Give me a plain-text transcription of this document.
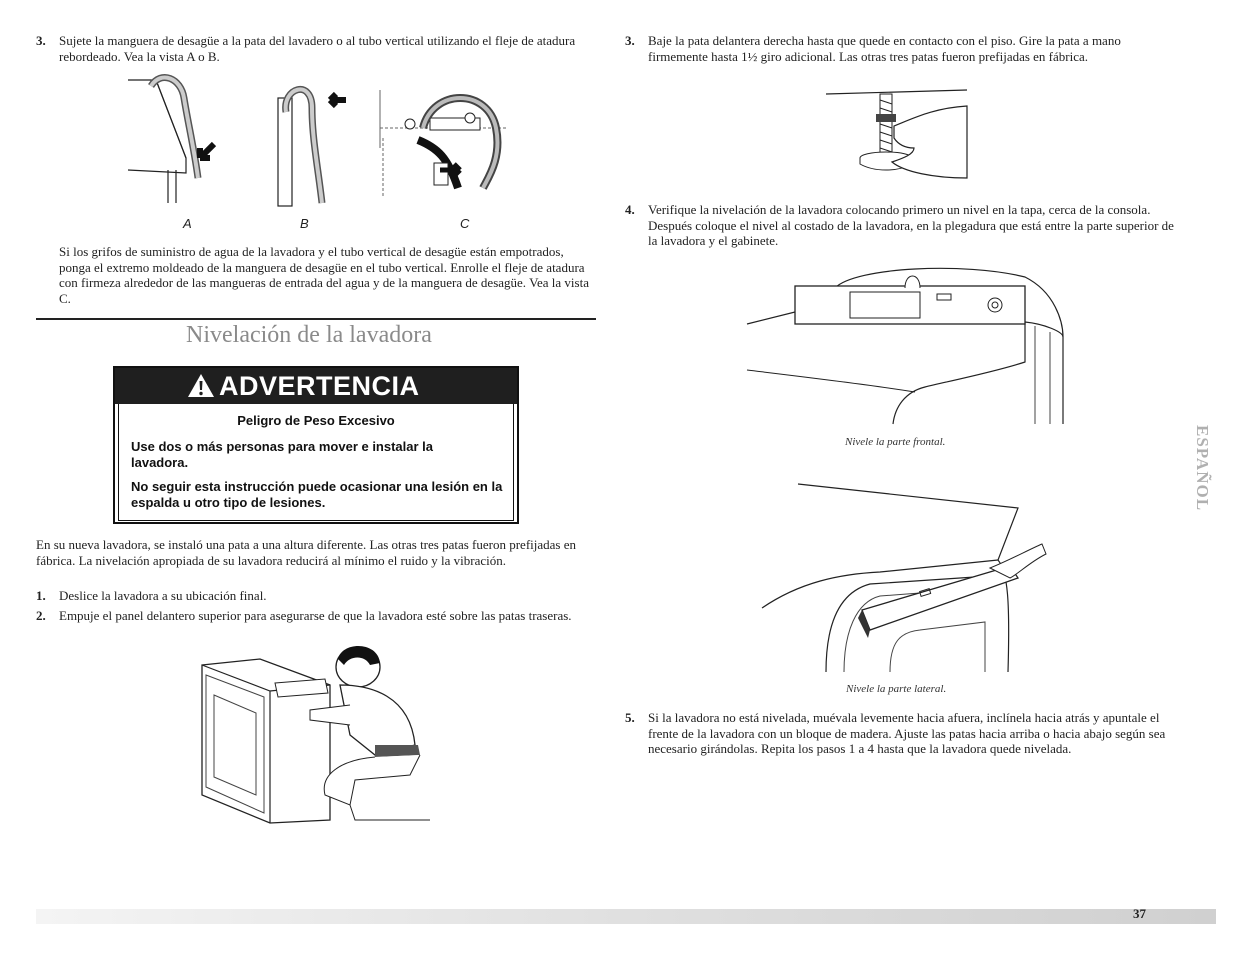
3. Sujete la manguera de desagüe a la pata del lavadero o al tubo vertical utilizando el fleje de atadura rebordeado. Vea la vista A o B.
A	B	C
Si los grifos de suministro de agua de la lavadora y el tubo vertical de desagüe están empotrados, ponga el extremo moldeado de la manguera de desagüe en el tubo vertical. Enrolle el fleje de atadura con firmeza alrededor de las mangueras de entrada del agua y de la manguera de desagüe. Vea la vista C.
Nivelación de la lavadora
ADVERTENCIA
Peligro de Peso Excesivo
Use dos o más personas para mover e instalar la lavadora.
No seguir esta instrucción puede ocasionar una lesión en la espalda u otro tipo de lesiones.
En su nueva lavadora, se instaló una pata a una altura diferente. Las otras tres patas fueron prefijadas en fábrica. La nivelación apropiada de su lavadora reducirá al mínimo el ruido y la vibración.
1. Deslice la lavadora a su ubicación final.
2. Empuje el panel delantero superior para asegurarse de que la lavadora esté sobre las patas traseras.
3. Baje la pata delantera derecha hasta que quede en contacto con el piso. Gire la pata a mano firmemente hasta 1½ giro adicional. Las otras tres patas fueron prefijadas en fábrica.
4. Verifique la nivelación de la lavadora colocando primero un nivel en la tapa, cerca de la consola. Después coloque el nivel al costado de la lavadora, en la plegadura que está entre la parte superior de la lavadora y el gabinete.
Nivele la parte frontal.
Nivele la parte lateral.
5. Si la lavadora no está nivelada, muévala levemente hacia afuera, inclínela hacia atrás y apuntale el frente de la lavadora con un bloque de madera. Ajuste las patas hacia arriba o hacia abajo según sea necesario girándolas. Repita los pasos 1 a 4 hasta que la lavadora quede nivelada.
ESPAÑOL
37
